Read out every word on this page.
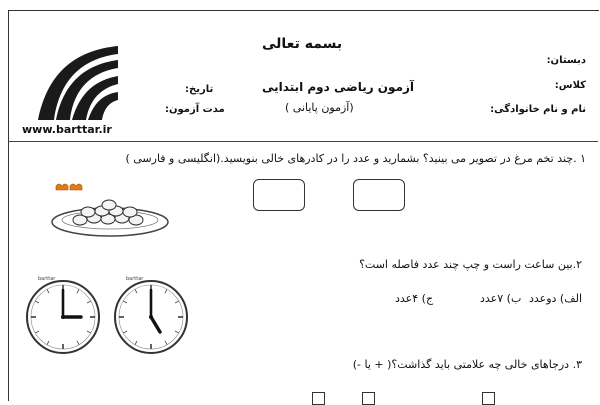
بسمه تعالی
دبستان:
کلاس:
نام و نام خانوادگی:
آزمون ریاضی دوم ابتدایی
(آزمون پایانی )
تاریخ:
مدت آزمون:
www.barttar.ir
۱ .چند تخم مرغ در تصویر می بینید؟ بشمارید و عدد را در کادرهای خالی بنویسید.(انگلیسی و فارسی )
۲.بین ساعت راست و چپ چند عدد فاصله است؟
barttar	barttar
الف) دوعدد
ب) ۷عدد
ج) ۴عدد
۳. درجاهای خالی چه علامتی باید گذاشت؟( + یا -)
